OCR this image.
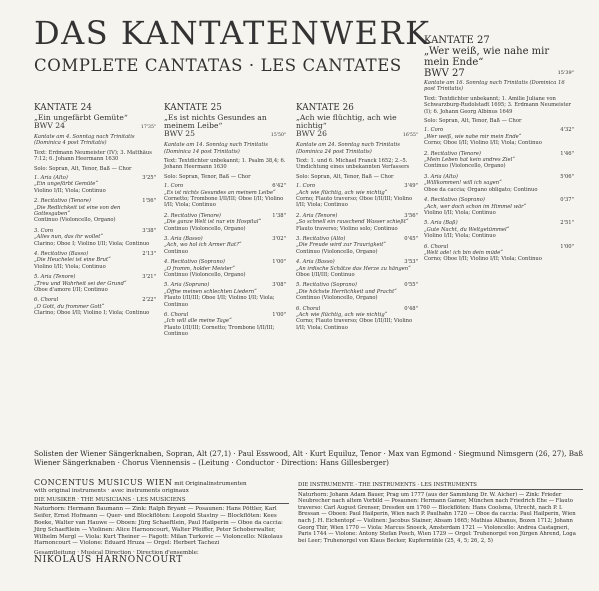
DAS KANTATENWERK
COMPLETE CANTATAS · LES CANTATES
KANTATE 27
„Wer weiß, wie nahe mir mein Ende“
BWV 27	15'39"
KANTATE 24
„Ein ungefärbt Gemüte“
BWV 24	17'35"

Kantate am 4. Sonntag nach Trinitatis (Dominica 4 post Trinitatis)

Text: Erdmann Neumeister (IV); 3. Matthäus 7:12; 6. Johann Heermann 1630

Solo: Sopran, Alt, Tenor, Baß — Chor

1. Aria (Alto)	3'25"
„Ein ungefärbt Gemüte“
Violino I/II; Viola; Continuo
2. Recitativo (Tenore)	1'56"
„Die Redlichkeit ist eine von den Gottesgaben“
Continuo (Violoncello, Organo)
3. Coro	3'38"
„Alles nun, das ihr wollet“
Clarino; Oboe I; Violino I/II; Viola; Continuo
4. Recitativo (Basso)	2'13"
„Die Heuchelei ist eine Brut“
Violino I/II; Viola; Continuo
5. Aria (Tenore)	3'21"
„Treu und Wahrheit sei der Grund“
Oboe d'amore I/II; Continuo
6. Choral	2'22"
„O Gott, du frommer Gott“
Clarino; Oboe I/II; Violino I; Viola; Continuo
KANTATE 25
„Es ist nichts Gesundes an meinem Leibe“
BWV 25	15'50"

Kantate am 14. Sonntag nach Trinitatis (Dominica 14 post Trinitatis)

Text: Textdichter unbekannt; 1. Psalm 38,4; 6. Johann Heermann 1630

Solo: Sopran, Tenor, Baß — Chor

1. Coro	6'42"
„Es ist nichts Gesundes an meinem Leibe“
Cornetto; Trombone I/II/III; Oboe I/II; Violino I/II; Viola; Continuo
2. Recitativo (Tenore)	1'38"
„Die ganze Welt ist nur ein Hospital“
Continuo (Violoncello, Organo)
3. Aria (Basso)	3'02"
„Ach, wo hol ich Armer Rat?“
Continuo
4. Recitativo (Soprano)	1'00"
„O fromm, holder Meister“
Continuo (Violoncello, Organo)
5. Aria (Soprano)	3'08"
„Öffne meinen schlechten Liedern“
Flauto I/II/III; Oboe I/II; Violino I/II; Viola; Continuo
6. Choral	1'00"
„Ich will alle meine Tage“
Flauto I/II/III; Cornetto; Trombone I/II/III; Continuo
KANTATE 26
„Ach wie flüchtig, ach wie nichtig“
BWV 26	16'55"

Kantate am 24. Sonntag nach Trinitatis (Dominica 24 post Trinitatis)

Text: 1. und 6. Michael Franck 1652; 2.–5. Umdichtung eines unbekannten Verfassers

Solo: Sopran, Alt, Tenor, Baß — Chor

1. Coro	3'49"
„Ach wie flüchtig, ach wie nichtig“
Corno; Flauto traverso; Oboe I/II/III; Violino I/II; Viola; Continuo
2. Aria (Tenore)	3'56"
„So schnell ein rauschend Wasser schießt“
Flauto traverso; Violino solo; Continuo
3. Recitativo (Alto)	0'45"
„Die Freude wird zur Traurigkeit“
Continuo (Violoncello, Organo)
4. Aria (Basso)	3'53"
„An irdische Schätze das Herze zu hängen“
Oboe I/II/III; Continuo
5. Recitativo (Soprano)	0'55"
„Die höchste Herrlichkeit und Pracht“
Continuo (Violoncello, Organo)
6. Choral	0'48"
„Ach wie flüchtig, ach wie nichtig“
Corno; Flauto traverso; Oboe I/II/III; Violino I/II; Viola; Continuo

Kantate am 16. Sonntag nach Trinitatis (Dominica 16 post Trinitatis)

Text: Textdichter unbekannt; 1. Amilie Juliane von Schwarzburg-Rudolstadt 1695; 3. Erdmann Neumeister (I); 6. Johann Georg Albinus 1649

Solo: Sopran, Alt, Tenor, Baß — Chor

1. Coro	4'32"
„Wer weiß, wie nahe mir mein Ende“
Corno; Oboe I/II; Violino I/II; Viola; Continuo
2. Recitativo (Tenore)	1'46"
„Mein Leben hat kein andres Ziel“
Continuo (Violoncello, Organo)
3. Aria (Alto)	5'06"
„Willkommen! will ich sagen“
Oboe da caccia; Organo obligato; Continuo
4. Recitativo (Soprano)	0'37"
„Ach, wer doch schon im Himmel wär“
Violino I/II; Viola; Continuo
5. Aria (Baß)	2'51"
„Gute Nacht, du Weltgetümmel“
Violino I/II; Viola; Continuo
6. Choral	1'00"
„Welt ade! ich bin dein müde“
Corno; Oboe I/II; Violino I/II; Viola; Continuo
Solisten der Wiener Sängerknaben, Sopran, Alt (27,1) · Paul Esswood, Alt · Kurt Equiluz, Tenor · Max van Egmond · Siegmund Nimsgern (26, 27), Baß
Wiener Sängerknaben · Chorus Viennensis – (Leitung · Conductor · Direction: Hans Gillesberger)
CONCENTUS MUSICUS WIEN mit Originalinstrumenten
with original instruments · avec instruments originaux
DIE MUSIKER · THE MUSICIANS · LES MUSICIENS
Naturhorn: Hermann Baumann — Zink: Ralph Bryant — Posaunen: Hans Pöttler, Karl Seifer, Ernst Hofmann — Quer- und Blockflöten: Leopold Stastny — Blockflöten: Kees Boeke, Walter van Hauwe — Oboen: Jürg Schaeftlein, Paul Hailperin — Oboe da caccia: Jürg Schaeftlein — Violinen: Alice Harnoncourt, Walter Pfeiffer, Peter Schoberwalter, Wilhelm Mergl — Viola: Kurt Theiner — Fagott: Milan Turkovic — Violoncello: Nikolaus Harnoncourt — Violone: Eduard Hruza — Orgel: Herbert Tachezi
Gesamtleitung · Musical Direction · Direction d'ensemble:
NIKOLAUS HARNONCOURT
DIE INSTRUMENTE · THE INSTRUMENTS · LES INSTRUMENTS
Naturhorn: Johann Adam Bauer, Prag um 1777 (aus der Sammlung Dr. W. Aicher) — Zink: Frieder Neubrecher nach altem Vorbild — Posaunen: Hermann Gamer, München nach Friedrich Ehe — Flauto traverso: Carl August Grenser, Dresden um 1760 — Blockflöten: Hans Coolsma, Utrecht, nach P. I. Bressan — Oboen: Paul Hailperin, Wien nach P. Paulhahn 1720 — Oboe da caccia: Paul Hailperin, Wien nach J. H. Eichentopf — Violinen: Jacobus Stainer, Absam 1665; Mathias Albanus, Bozen 1712; Johann Georg Thir, Wien 1770 — Viola: Marcus Snoeck, Amsterdam 1721 — Violoncello: Andrea Castagneri, Paris 1744 — Violone: Antony Stefan Posch, Wien 1729 — Orgel: Truhenorgel von Jürgen Ahrend, Loga bei Leer; Truhenorgel von Klaus Becker, Kupfermühle (25, 4, 5; 26, 2, 5)
